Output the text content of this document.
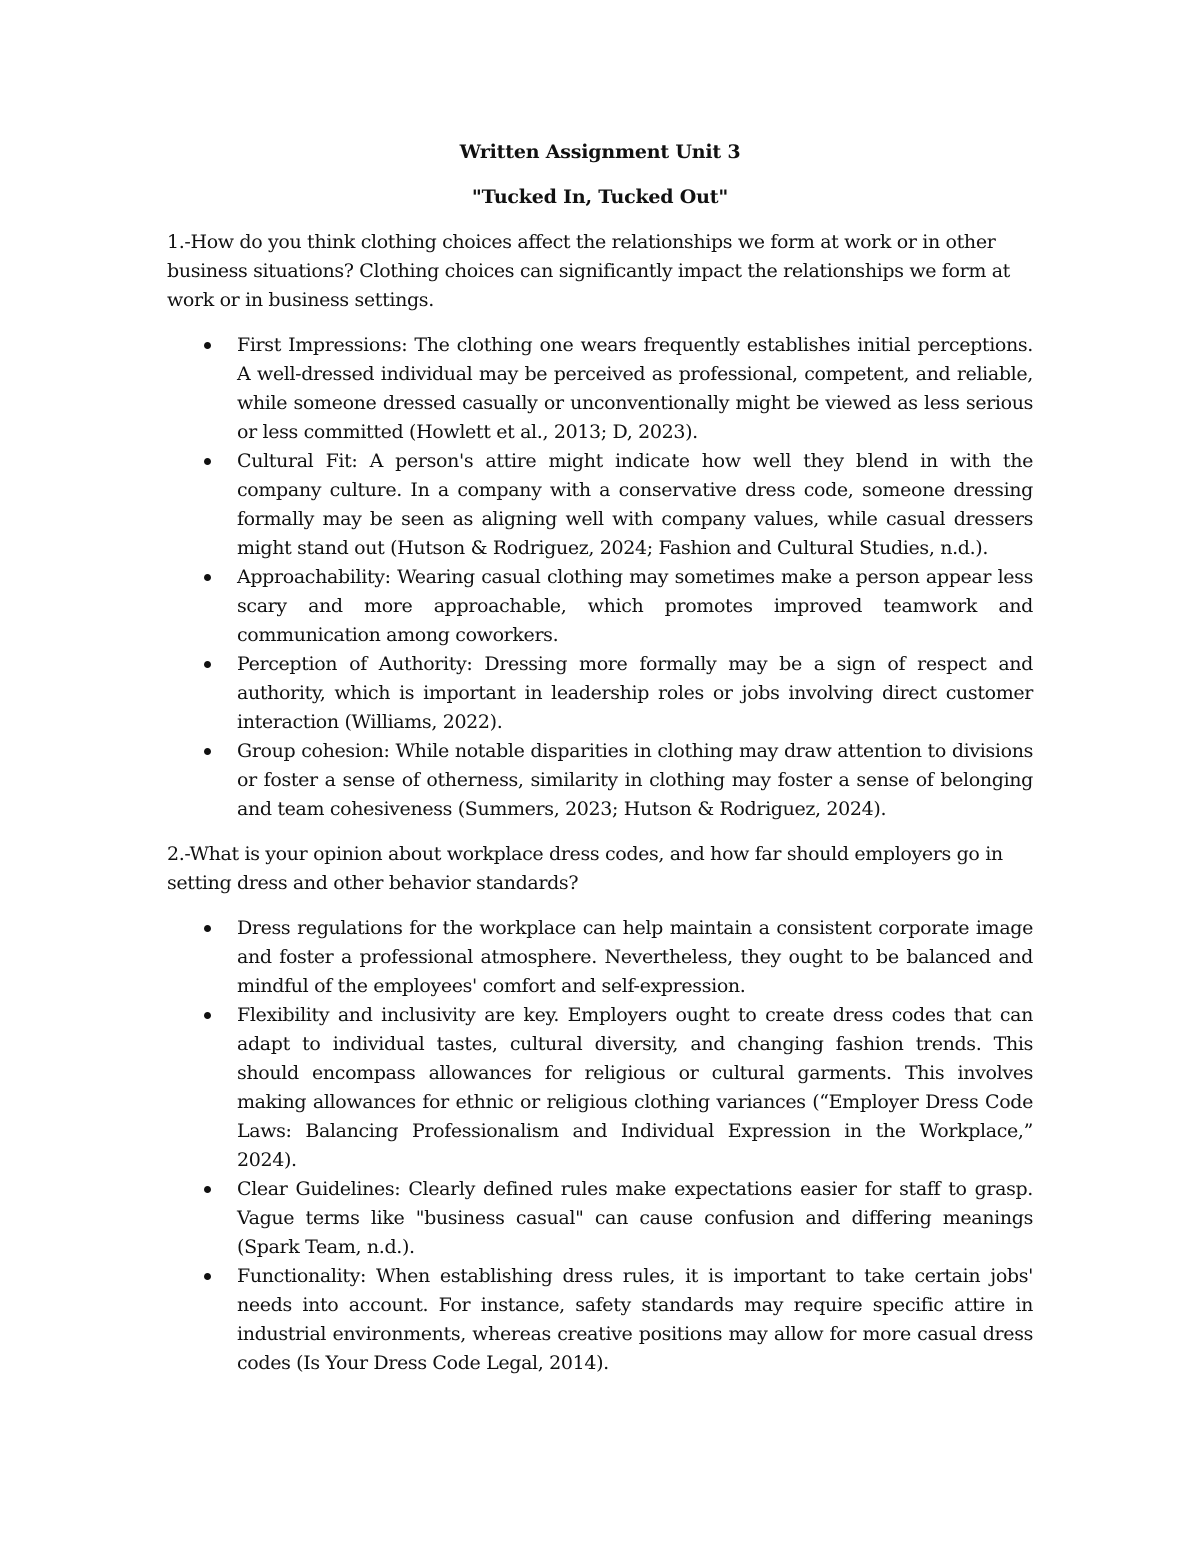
Written Assignment Unit 3
"Tucked In, Tucked Out"

1.-How do you think clothing choices affect the relationships we form at work or in other business situations? Clothing choices can significantly impact the relationships we form at work or in business settings.

First Impressions: The clothing one wears frequently establishes initial perceptions. A well-dressed individual may be perceived as professional, competent, and reliable, while someone dressed casually or unconventionally might be viewed as less serious or less committed (Howlett et al., 2013; D, 2023).
Cultural Fit: A person's attire might indicate how well they blend in with the company culture. In a company with a conservative dress code, someone dressing formally may be seen as aligning well with company values, while casual dressers might stand out (Hutson & Rodriguez, 2024; Fashion and Cultural Studies, n.d.).
Approachability: Wearing casual clothing may sometimes make a person appear less scary and more approachable, which promotes improved teamwork and communication among coworkers.
Perception of Authority: Dressing more formally may be a sign of respect and authority, which is important in leadership roles or jobs involving direct customer interaction (Williams, 2022).
Group cohesion: While notable disparities in clothing may draw attention to divisions or foster a sense of otherness, similarity in clothing may foster a sense of belonging and team cohesiveness (Summers, 2023; Hutson & Rodriguez, 2024).

2.-What is your opinion about workplace dress codes, and how far should employers go in setting dress and other behavior standards?

Dress regulations for the workplace can help maintain a consistent corporate image and foster a professional atmosphere. Nevertheless, they ought to be balanced and mindful of the employees' comfort and self-expression.
Flexibility and inclusivity are key. Employers ought to create dress codes that can adapt to individual tastes, cultural diversity, and changing fashion trends. This should encompass allowances for religious or cultural garments. This involves making allowances for ethnic or religious clothing variances (“Employer Dress Code Laws: Balancing Professionalism and Individual Expression in the Workplace,” 2024).
Clear Guidelines: Clearly defined rules make expectations easier for staff to grasp. Vague terms like "business casual" can cause confusion and differing meanings (Spark Team, n.d.).
Functionality: When establishing dress rules, it is important to take certain jobs' needs into account. For instance, safety standards may require specific attire in industrial environments, whereas creative positions may allow for more casual dress codes (Is Your Dress Code Legal, 2014).
